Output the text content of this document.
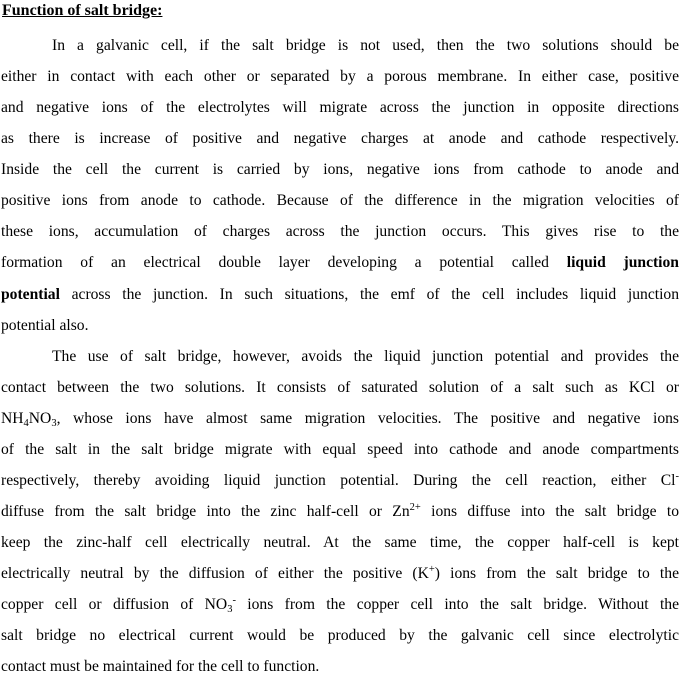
Function of salt bridge:
In a galvanic cell, if the salt bridge is not used, then the two solutions should be
either in contact with each other or separated by a porous membrane. In either case, positive
and negative ions of the electrolytes will migrate across the junction in opposite directions
as there is increase of positive and negative charges at anode and cathode respectively.
Inside the cell the current is carried by ions, negative ions from cathode to anode and
positive ions from anode to cathode. Because of the difference in the migration velocities of
these ions, accumulation of charges across the junction occurs. This gives rise to the
formation of an electrical double layer developing a potential called liquid junction
potential across the junction. In such situations, the emf of the cell includes liquid junction
potential also.
The use of salt bridge, however, avoids the liquid junction potential and provides the
contact between the two solutions. It consists of saturated solution of a salt such as KCl or
$NH_4NO_3$, whose ions have almost same migration velocities. The positive and negative ions
of the salt in the salt bridge migrate with equal speed into cathode and anode compartments
respectively, thereby avoiding liquid junction potential. During the cell reaction, either Cl-
diffuse from the salt bridge into the zinc half-cell or $Zn^{2+}$ ions diffuse into the salt bridge to
keep the zinc-half cell electrically neutral. At the same time, the copper half-cell is kept
electrically neutral by the diffusion of either the positive (K+) ions from the salt bridge to the
copper cell or diffusion of $NO_3^-$ ions from the copper cell into the salt bridge. Without the
salt bridge no electrical current would be produced by the galvanic cell since electrolytic
contact must be maintained for the cell to function.
